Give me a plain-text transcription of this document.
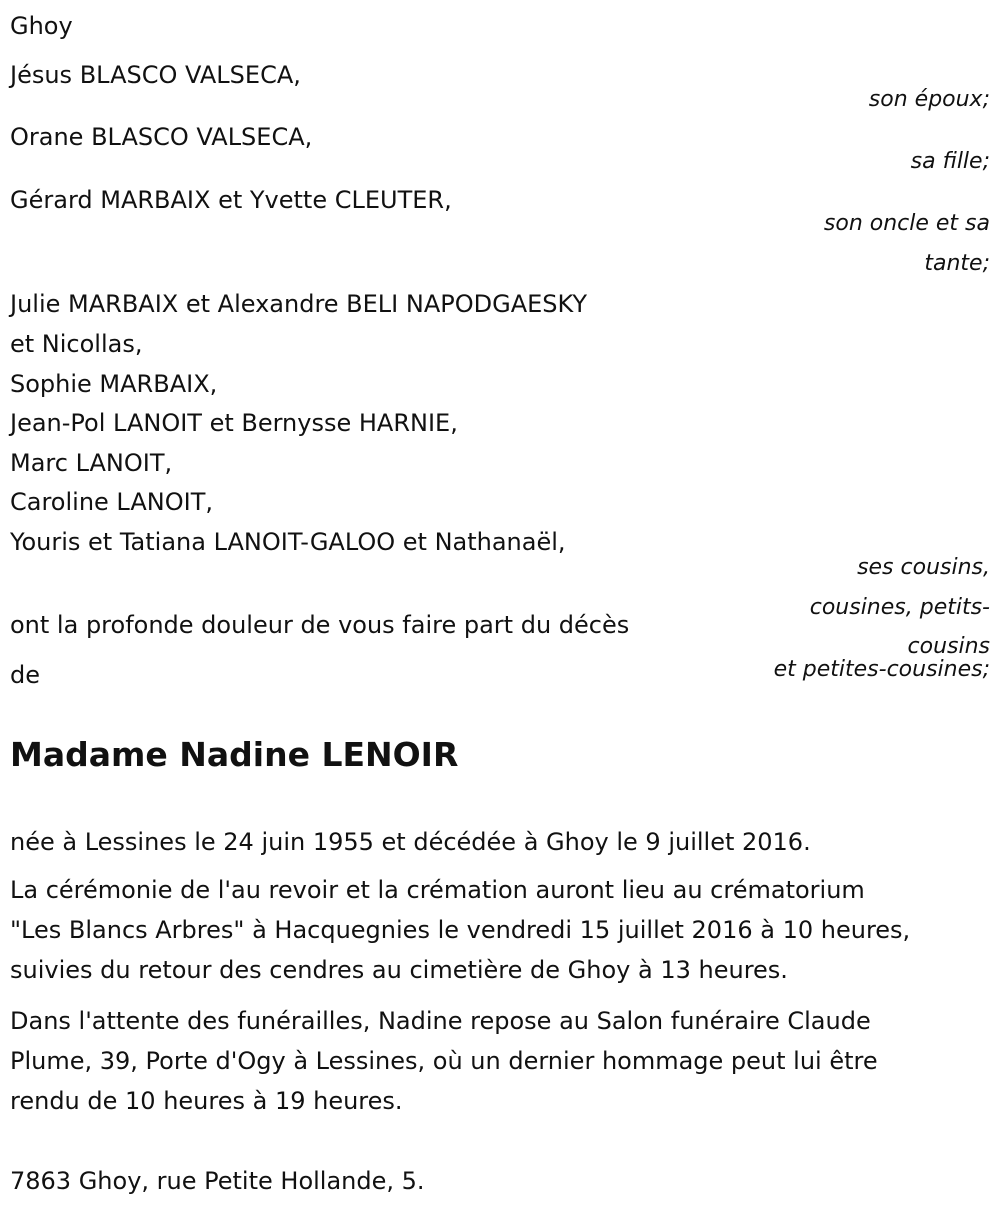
Ghoy
Jésus BLASCO VALSECA,
son époux;
Orane BLASCO VALSECA,
sa fille;
Gérard MARBAIX et Yvette CLEUTER,
son oncle et sa
tante;
Julie MARBAIX et Alexandre BELI NAPODGAESKY
et Nicollas,
Sophie MARBAIX,
Jean-Pol LANOIT et Bernysse HARNIE,
Marc LANOIT,
Caroline LANOIT,
Youris et Tatiana LANOIT-GALOO et Nathanaël,
ses cousins,
cousines, petits-
cousins
et petites-cousines;
ont la profonde douleur de vous faire part du décès
de
Madame Nadine LENOIR
née à Lessines le 24 juin 1955 et décédée à Ghoy le 9 juillet 2016.
La cérémonie de l'au revoir et la crémation auront lieu au crématorium
"Les Blancs Arbres" à Hacquegnies le vendredi 15 juillet 2016 à 10 heures,
suivies du retour des cendres au cimetière de Ghoy à 13 heures.
Dans l'attente des funérailles, Nadine repose au Salon funéraire Claude
Plume, 39, Porte d'Ogy à Lessines, où un dernier hommage peut lui être
rendu de 10 heures à 19 heures.
7863 Ghoy, rue Petite Hollande, 5.
